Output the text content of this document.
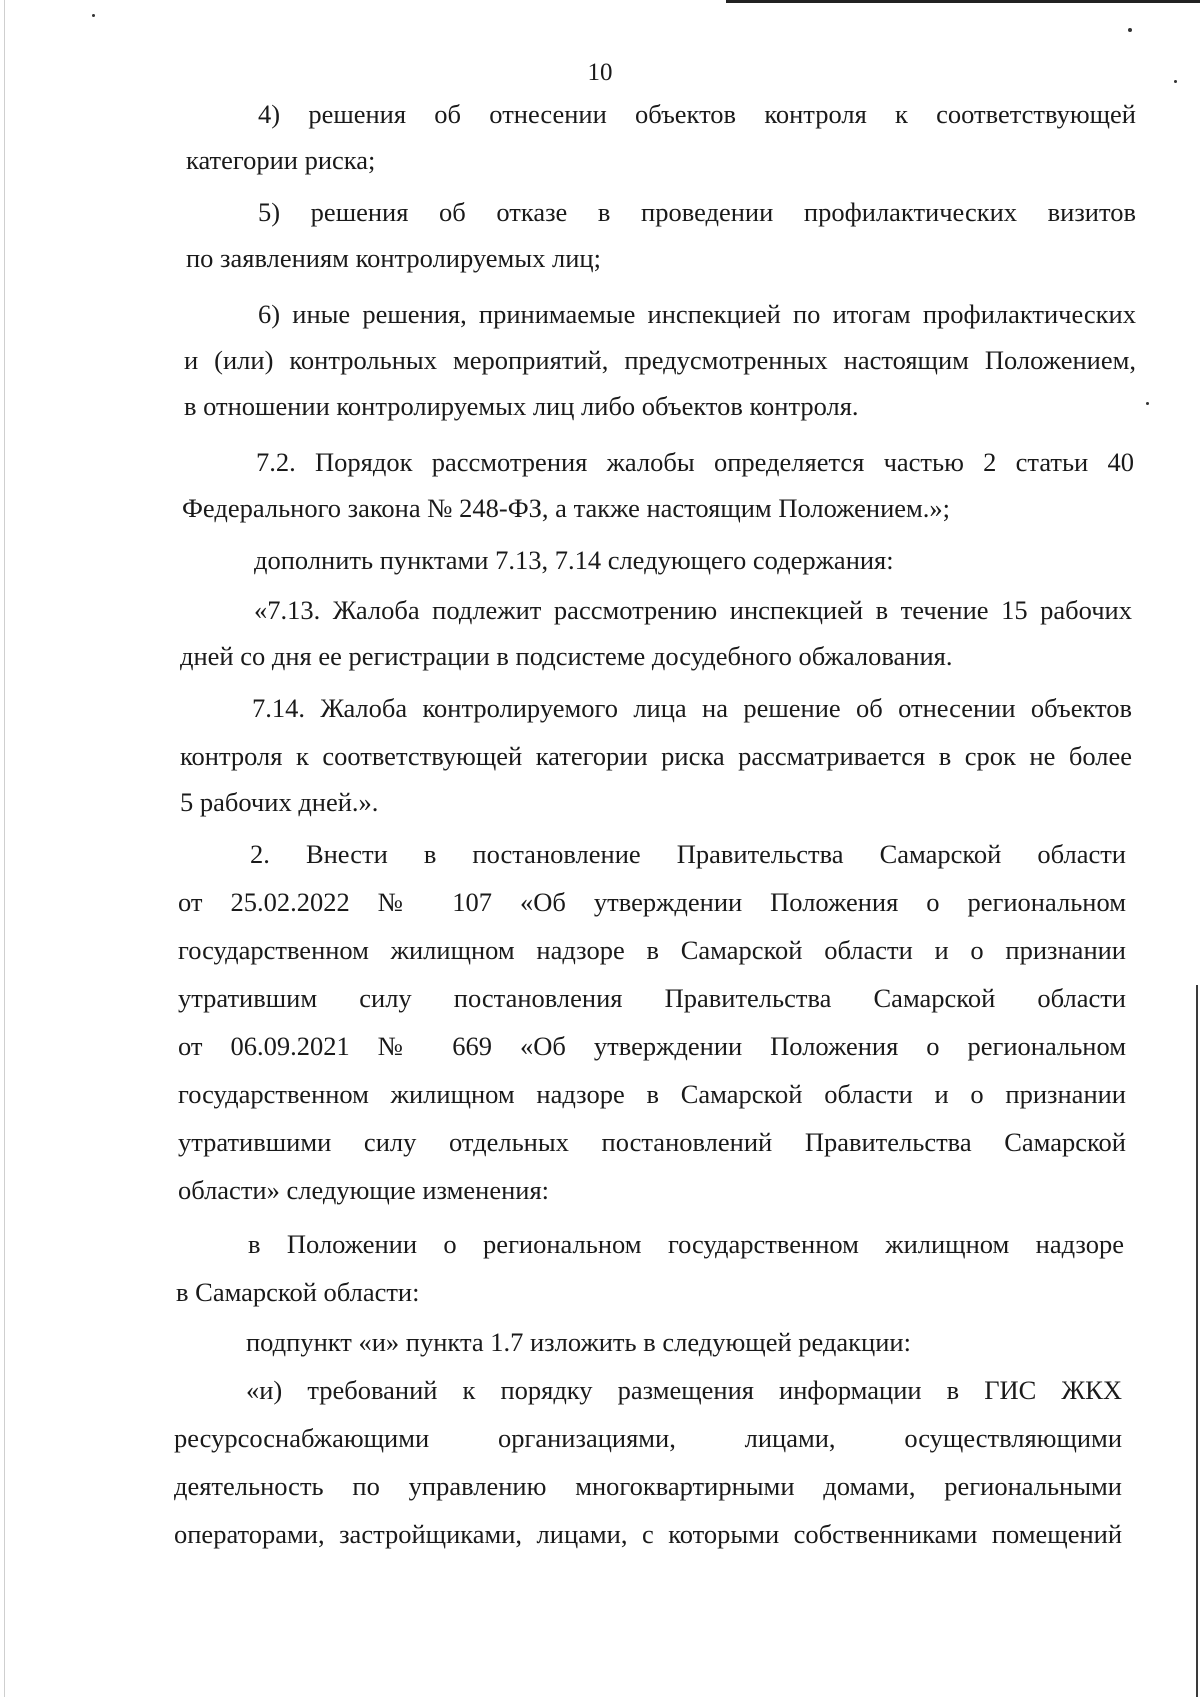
10
4) решения об отнесении объектов контроля к соответствующей
категории риска;
5) решения об отказе в проведении профилактических визитов
по заявлениям контролируемых лиц;
6) иные решения, принимаемые инспекцией по итогам профилактических
и (или) контрольных мероприятий, предусмотренных настоящим Положением,
в отношении контролируемых лиц либо объектов контроля.
7.2. Порядок рассмотрения жалобы определяется частью 2 статьи 40
Федерального закона № 248-ФЗ, а также настоящим Положением.»;
дополнить пунктами 7.13, 7.14 следующего содержания:
«7.13. Жалоба подлежит рассмотрению инспекцией в течение 15 рабочих
дней со дня ее регистрации в подсистеме досудебного обжалования.
7.14. Жалоба контролируемого лица на решение об отнесении объектов
контроля к соответствующей категории риска рассматривается в срок не более
5 рабочих дней.».
2. Внести в постановление Правительства Самарской области
от 25.02.2022 № 107 «Об утверждении Положения о региональном
государственном жилищном надзоре в Самарской области и о признании
утратившим силу постановления Правительства Самарской области
от 06.09.2021 № 669 «Об утверждении Положения о региональном
государственном жилищном надзоре в Самарской области и о признании
утратившими силу отдельных постановлений Правительства Самарской
области» следующие изменения:
в Положении о региональном государственном жилищном надзоре
в Самарской области:
подпункт «и» пункта 1.7 изложить в следующей редакции:
«и) требований к порядку размещения информации в ГИС ЖКХ
ресурсоснабжающими организациями, лицами, осуществляющими
деятельность по управлению многоквартирными домами, региональными
операторами, застройщиками, лицами, с которыми собственниками помещений
